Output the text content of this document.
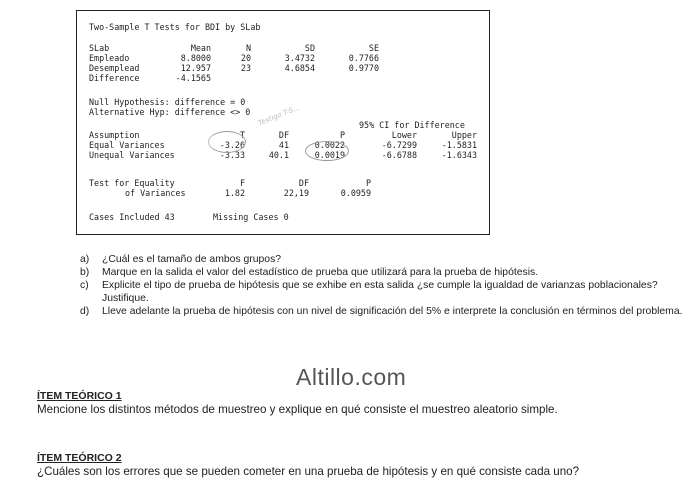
Two-Sample T Tests for BDI by SLab
SLab	Mean	N	SD	SE
Empleado	8.8000	20	3.4732	0.7766
Desemplead	12.957	23	4.6854	0.9770
Difference	-4.1565
Null Hypothesis: difference = 0
Alternative Hyp: difference <> 0
95% CI for Difference
Assumption	T	DF	P	Lower	Upper
Equal Variances	-3.26	41	0.0022	-6.7299	-1.5831
Unequal Variances	-3.33	40.1	0.0019	-6.6788	-1.6343
Testigo T-S...
Test for Equality
of Variances
F	DF	P
1.82	22,19	0.0959
Cases Included 43	Missing Cases 0
a) ¿Cuál es el tamaño de ambos grupos?
b) Marque en la salida el valor del estadístico de prueba que utilizará para la prueba de hipótesis.
c) Explicite el tipo de prueba de hipótesis que se exhibe en esta salida ¿se cumple la igualdad de varianzas poblacionales? Justifique.
d) Lleve adelante la prueba de hipótesis con un nivel de significación del 5% e interprete la conclusión en términos del problema.
Altillo.com
ÍTEM TEÓRICO 1
Mencione los distintos métodos de muestreo y explique en qué consiste el muestreo aleatorio simple.
ÍTEM TEÓRICO 2
¿Cuáles son los errores que se pueden cometer en una prueba de hipótesis y en qué consiste cada uno?
